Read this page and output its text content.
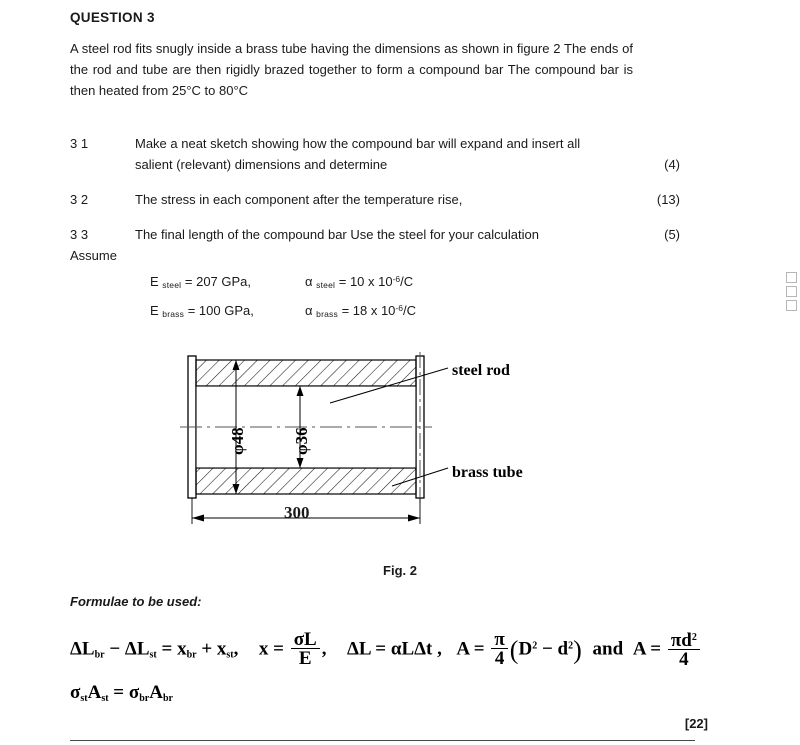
QUESTION 3
A steel rod fits snugly inside a brass tube having the dimensions as shown in figure 2 The ends of the rod and tube are then rigidly brazed together to form a compound bar The compound bar is then heated from 25°C to 80°C
3 1	Make a neat sketch showing how the compound bar will expand and insert all salient (relevant) dimensions and determine	(4)
3 2	The stress in each component after the temperature rise,	(13)
3 3	The final length of the compound bar Use the steel for your calculation	(5)
Assume
E $_{steel}$ = 207 GPa,	α $_{steel}$ = 10 x $10^{-6}/C$
E $_{brass}$ = 100 GPa,	α $_{brass}$ = 18 x $10^{-6}/C$
steel rod
brass tube
φ48	φ36
300
Fig. 2
Formulae to be used:
$\Delta L_{br} - \Delta L_{st} = x_{br} + x_{st}$, $x = \frac{\sigma L}{E}$ , ΔL = αLΔt , $A = \frac{\pi}{4} (D^2 - d^2)$ and $A = \frac{\pi d^2}{4}$
$\sigma_{st}A_{st} = \sigma_{br}A_{br}$
[22]
